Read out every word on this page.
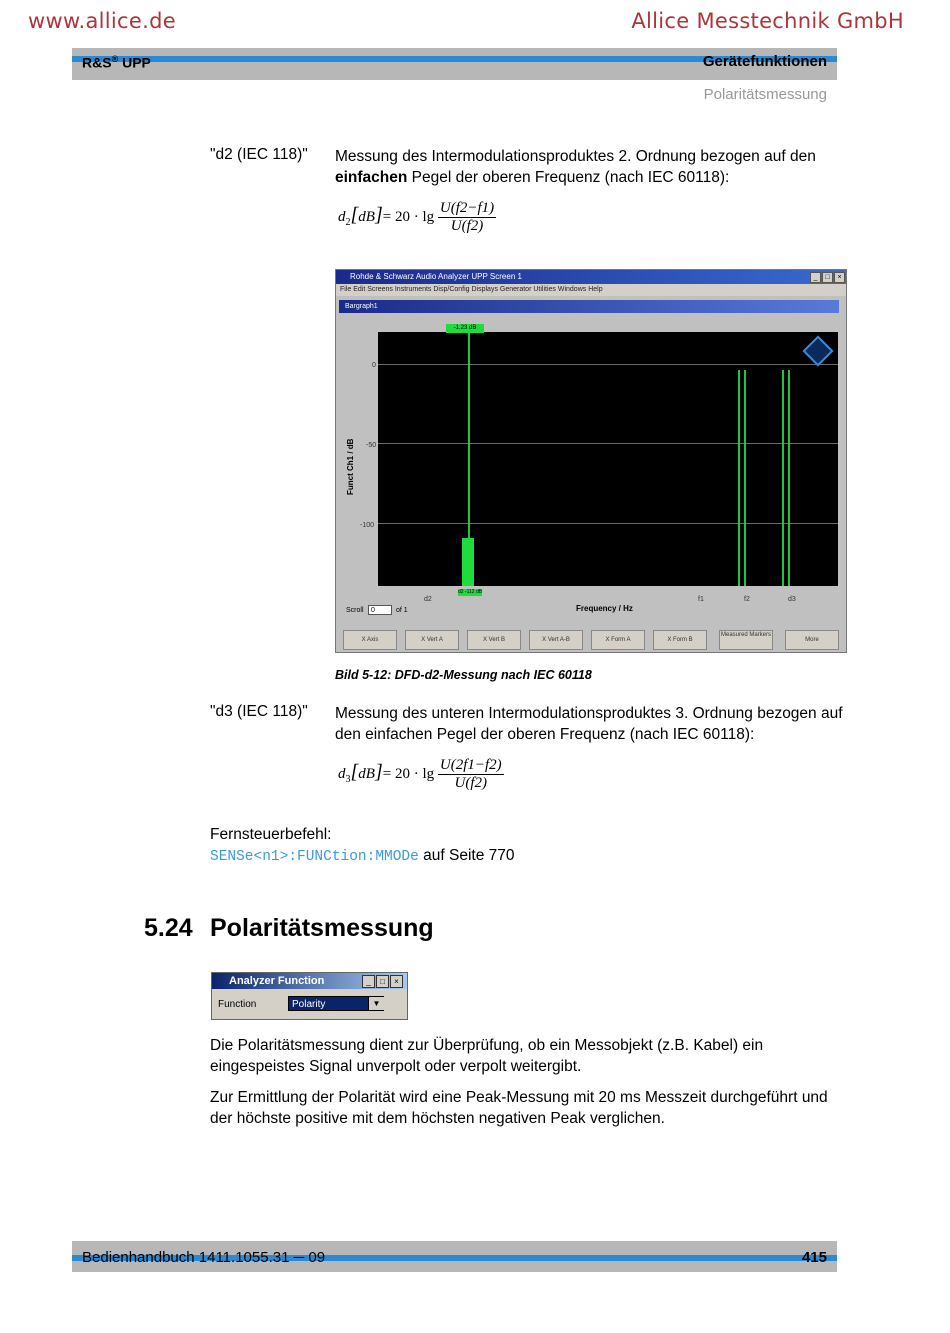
www.allice.de	Allice Messtechnik GmbH
R&S® UPP	Gerätefunktionen
Polaritätsmessung
"d2 (IEC 118)" Messung des Intermodulationsproduktes 2. Ordnung bezogen auf den einfachen Pegel der oberen Frequenz (nach IEC 60118):
$d_2[dB]= 20 \cdot \lg \frac{U(f2-f1)}{U(f2)}$
Rohde & Schwarz Audio Analyzer UPP Screen 1	_	□	×
File Edit Screens Instruments Disp/Config Displays Generator Utilities Windows Help
Bargraph1
Funct Ch1 / dB
0
-50
-100
-1.23 dB
d2 -112 dB
d2	f1	f2	d3
Frequency / Hz
Scroll	0	of 1
X Axis	X Vert A	X Vert B	X Vert A-B	X Form A	X Form B
Measured Markers
More
Bild 5-12: DFD-d2-Messung nach IEC 60118
"d3 (IEC 118)" Messung des unteren Intermodulationsproduktes 3. Ordnung bezogen auf den einfachen Pegel der oberen Frequenz (nach IEC 60118):
$d_3[dB]= 20 \cdot \lg \frac{U(2f1-f2)}{U(f2)}$
Fernsteuerbefehl:
SENSe<n1>:FUNCtion:MMODe auf Seite 770
5.24 Polaritätsmessung
Analyzer Function	_	□	×
Function	Polarity	▼
Die Polaritätsmessung dient zur Überprüfung, ob ein Messobjekt (z.B. Kabel) ein eingespeistes Signal unverpolt oder verpolt weitergibt.
Zur Ermittlung der Polarität wird eine Peak-Messung mit 20 ms Messzeit durchgeführt und der höchste positive mit dem höchsten negativen Peak verglichen.
Bedienhandbuch 1411.1055.31 ─ 09	415
